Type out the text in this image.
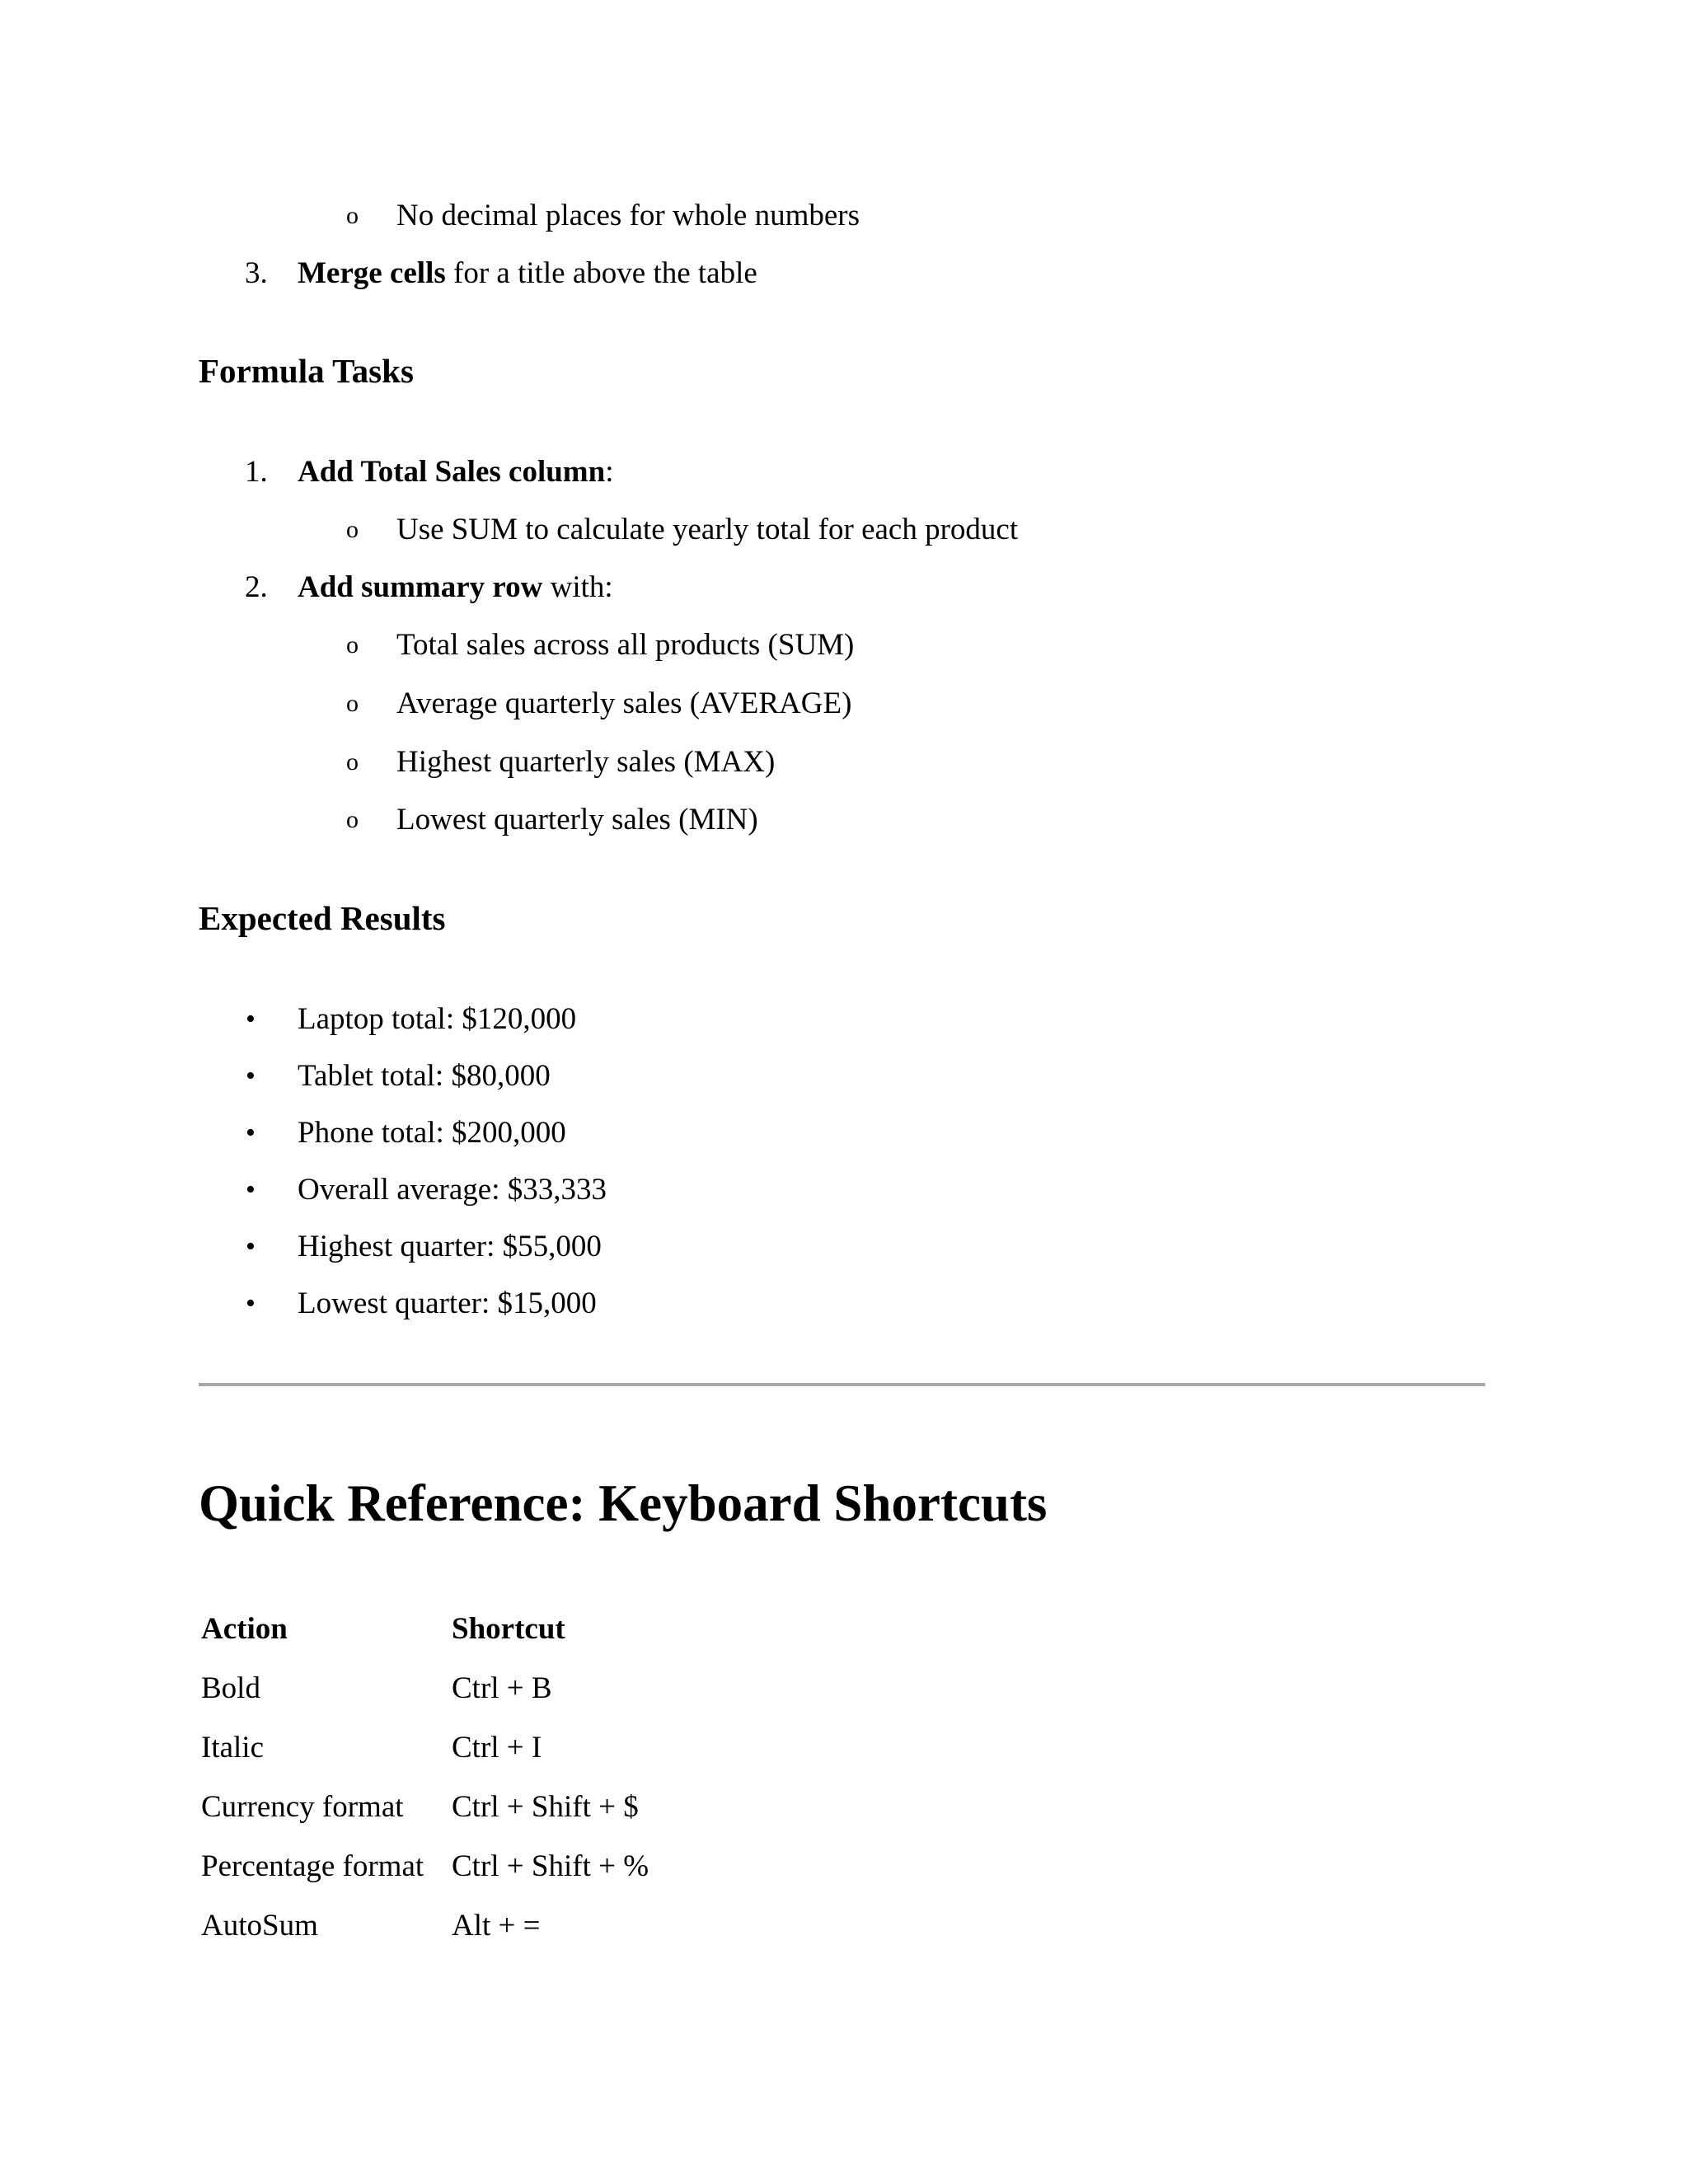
o No decimal places for whole numbers
3. Merge cells for a title above the table
Formula Tasks
1. Add Total Sales column:
o Use SUM to calculate yearly total for each product
2. Add summary row with:
o Total sales across all products (SUM)
o Average quarterly sales (AVERAGE)
o Highest quarterly sales (MAX)
o Lowest quarterly sales (MIN)
Expected Results
• Laptop total: $120,000
• Tablet total: $80,000
• Phone total: $200,000
• Overall average: $33,333
• Highest quarter: $55,000
• Lowest quarter: $15,000
Quick Reference: Keyboard Shortcuts
Action	Shortcut
Bold	Ctrl + B
Italic	Ctrl + I
Currency format	Ctrl + Shift + $
Percentage format	Ctrl + Shift + %
AutoSum	Alt + =
